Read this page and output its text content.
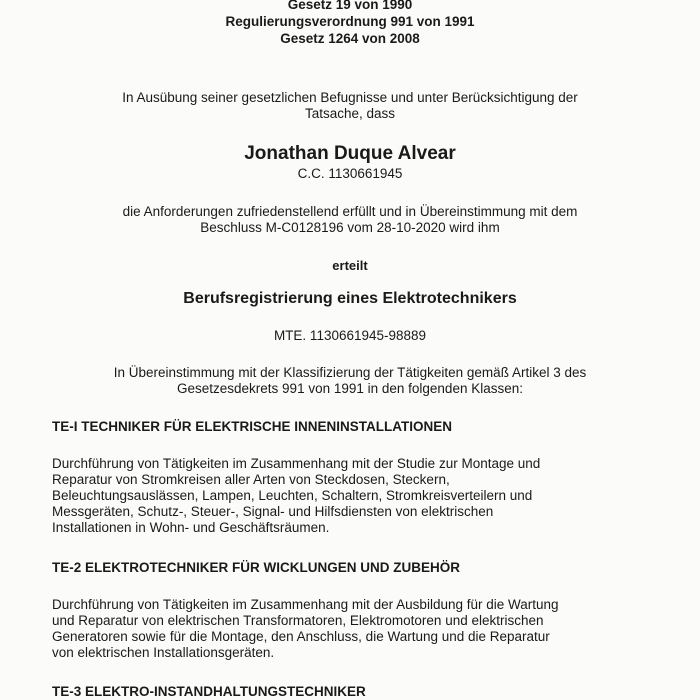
Gesetz 19 von 1990
Regulierungsverordnung 991 von 1991
Gesetz 1264 von 2008
In Ausübung seiner gesetzlichen Befugnisse und unter Berücksichtigung der
Tatsache, dass
Jonathan Duque Alvear
C.C. 1130661945
die Anforderungen zufriedenstellend erfüllt und in Übereinstimmung mit dem
Beschluss M-C0128196 vom 28-10-2020 wird ihm
erteilt
Berufsregistrierung eines Elektrotechnikers
MTE. 1130661945-98889
In Übereinstimmung mit der Klassifizierung der Tätigkeiten gemäß Artikel 3 des
Gesetzesdekrets 991 von 1991 in den folgenden Klassen:
TE-I TECHNIKER FÜR ELEKTRISCHE INNENINSTALLATIONEN
Durchführung von Tätigkeiten im Zusammenhang mit der Studie zur Montage und
Reparatur von Stromkreisen aller Arten von Steckdosen, Steckern,
Beleuchtungsauslässen, Lampen, Leuchten, Schaltern, Stromkreisverteilern und
Messgeräten, Schutz-, Steuer-, Signal- und Hilfsdiensten von elektrischen
Installationen in Wohn- und Geschäftsräumen.
TE-2 ELEKTROTECHNIKER FÜR WICKLUNGEN UND ZUBEHÖR
Durchführung von Tätigkeiten im Zusammenhang mit der Ausbildung für die Wartung
und Reparatur von elektrischen Transformatoren, Elektromotoren und elektrischen
Generatoren sowie für die Montage, den Anschluss, die Wartung und die Reparatur
von elektrischen Installationsgeräten.
TE-3 ELEKTRO-INSTANDHALTUNGSTECHNIKER
